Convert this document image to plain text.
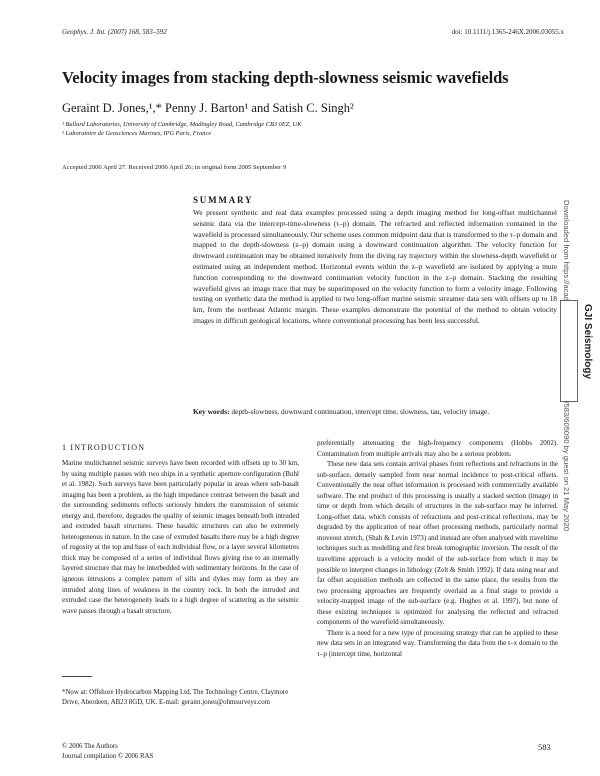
Geophys. J. Int. (2007) 168, 583–592	doi: 10.1111/j.1365-246X.2006.03055.x
Velocity images from stacking depth-slowness seismic wavefields
Geraint D. Jones,¹,* Penny J. Barton¹ and Satish C. Singh²
¹ Bullard Laboratories, University of Cambridge, Madingley Road, Cambridge CB3 0EZ, UK
² Laboratoire de Geosciences Marines, IPG Paris, France
Accepted 2006 April 27. Received 2006 April 26; in original form 2005 September 9
SUMMARY
We present synthetic and real data examples processed using a depth imaging method for long-offset multichannel seismic data via the intercept-time-slowness (τ–p) domain. The refracted and reflected information contained in the wavefield is processed simultaneously. Our scheme uses common midpoint data that is transformed to the τ–p domain and mapped to the depth-slowness (z–p) domain using a downward continuation algorithm. The velocity function for downward continuation may be obtained iteratively from the diving ray trajectory within the slowness-depth wavefield or estimated using an independent method. Horizontal events within the z–p wavefield are isolated by applying a mute function corresponding to the downward continuation velocity function in the z–p domain. Stacking the resulting wavefield gives an image trace that may be superimposed on the velocity function to form a velocity image. Following testing on synthetic data the method is applied to two long-offset marine seismic streamer data sets with offsets up to 18 km, from the northeast Atlantic margin. These examples demonstrate the potential of the method to obtain velocity images in difficult geological locations, where conventional processing has been less successful.
Key words: depth-slowness, downward continuation, intercept time, slowness, tau, velocity image.
1 INTRODUCTION
Marine multichannel seismic surveys have been recorded with offsets up to 30 km, by using multiple passes with two ships in a synthetic aperture configuration (Buhl et al. 1982). Such surveys have been particularly popular in areas where sub-basalt imaging has been a problem, as the high impedance contrast between the basalt and the surrounding sediments reflects seriously hinders the transmission of seismic energy and, therefore, degrades the quality of seismic images beneath both intruded and extruded basalt structures. These basaltic structures can also be extremely heterogeneous in nature. In the case of extruded basalts there may be a high degree of rugosity at the top and base of each individual flow, or a layer several kilometres thick may be composed of a series of individual flows giving rise to an internally layered structure that may be interbedded with sedimentary horizons. In the case of igneous intrusions a complex pattern of sills and dykes may form as they are intruded along lines of weakness in the country rock. In both the intruded and extruded case the heterogeneity leads to a high degree of scattering as the seismic wave passes through a basalt structure,

preferentially attenuating the high-frequency components (Hobbs 2002). Contamination from multiple arrivals may also be a serious problem.

These new data sets contain arrival phases from reflections and refractions in the sub-surface, densely sampled from near normal incidence to post-critical offsets. Conventionally the near offset information is processed with commercially available software. The end product of this processing is usually a stacked section (image) in time or depth from which details of structures in the sub-surface may be inferred. Long-offset data, which consists of refractions and post-critical reflections, may be degraded by the application of near offset processing methods, particularly normal moveout stretch, (Shah & Levin 1973) and instead are often analysed with traveltime techniques such as modelling and first break tomographic inversion. The result of the traveltime approach is a velocity model of the sub-surface from which it may be possible to interpret changes in lithology (Zelt & Smith 1992). If data using near and far offset acquisition methods are collected in the same place, the results from the two processing approaches are frequently overlaid as a final stage to provide a velocity-mapped image of the sub-surface (e.g. Hughes et al. 1997), but none of these existing techniques is optimized for analysing the reflected and refracted components of the wavefield simultaneously.

There is a need for a new type of processing strategy that can be applied to these new data sets in an integrated way. Transforming the data from the t–x domain to the τ–p (intercept time, horizontal

*Now at: Offshore Hydrocarbon Mapping Ltd, The Technology Centre, Claymore Drive, Aberdeen, AB23 8GD, UK. E-mail: geraint.jones@ohmsurveys.com
© 2006 The Authors
Journal compilation © 2006 RAS
583
GJI Seismology
